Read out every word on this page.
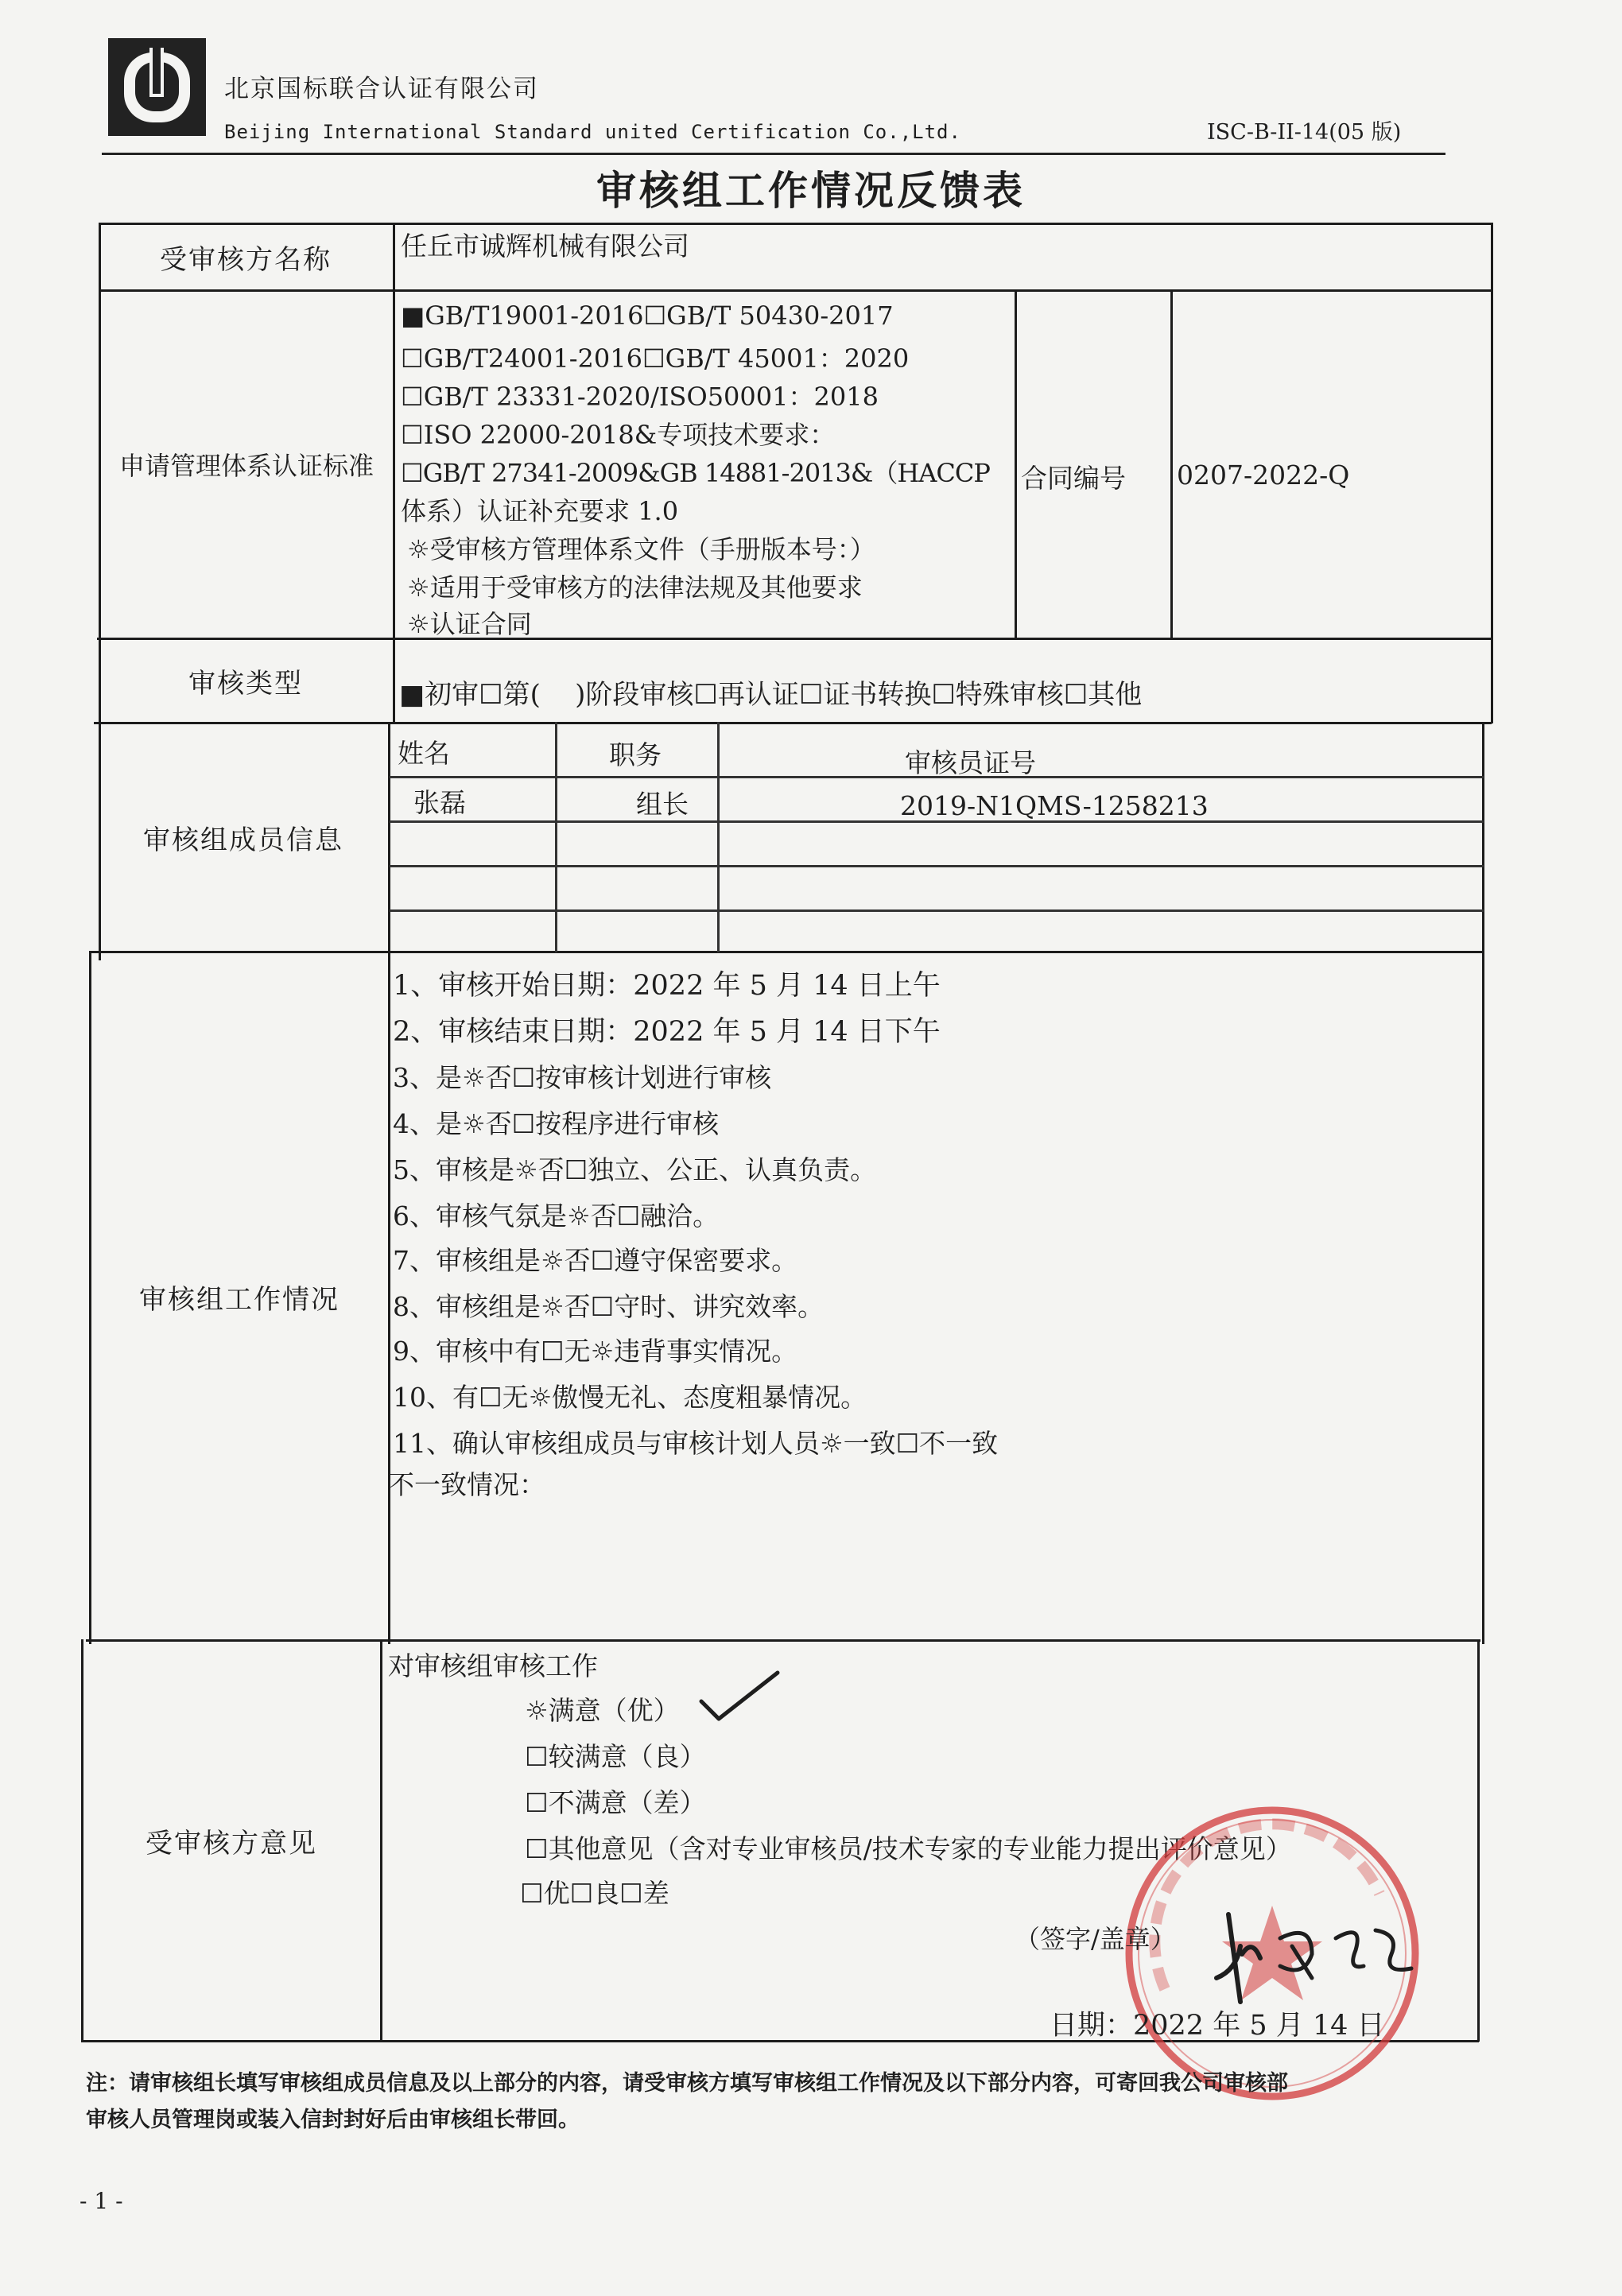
北京国标联合认证有限公司
Beijing International Standard united Certification Co.,Ltd.	ISC-B-II-14(05 版)
审核组工作情况反馈表
受审核方名称	任丘市诚辉机械有限公司
申请管理体系认证标准
■GB/T19001-2016☐GB/T 50430-2017
☐GB/T24001-2016☐GB/T 45001：2020
☐GB/T 23331-2020/ISO50001：2018
☐ISO 22000-2018&专项技术要求：
☐GB/T 27341-2009&GB 14881-2013&（HACCP
体系）认证补充要求 1.0
☼受审核方管理体系文件（手册版本号：）
☼适用于受审核方的法律法规及其他要求
☼认证合同
合同编号 0207-2022-Q
审核类型	■初审☐第(    )阶段审核☐再认证☐证书转换☐特殊审核☐其他
审核组成员信息
姓名	职务	审核员证号
张磊	组长	2019-N1QMS-1258213
审核组工作情况
1、审核开始日期：2022 年 5 月 14 日上午
2、审核结束日期：2022 年 5 月 14 日下午
3、是☼否☐按审核计划进行审核
4、是☼否☐按程序进行审核
5、审核是☼否☐独立、公正、认真负责。
6、审核气氛是☼否☐融洽。
7、审核组是☼否☐遵守保密要求。
8、审核组是☼否☐守时、讲究效率。
9、审核中有☐无☼违背事实情况。
10、有☐无☼傲慢无礼、态度粗暴情况。
11、确认审核组成员与审核计划人员☼一致☐不一致
不一致情况：
受审核方意见
对审核组审核工作
☼满意（优）
☐较满意（良）
☐不满意（差）
☐其他意见（含对专业审核员/技术专家的专业能力提出评价意见）
☐优☐良☐差
（签字/盖章）
日期：2022 年 5 月 14 日
注：请审核组长填写审核组成员信息及以上部分的内容，请受审核方填写审核组工作情况及以下部分内容，可寄回我公司审核部
审核人员管理岗或装入信封封好后由审核组长带回。
- 1 -
